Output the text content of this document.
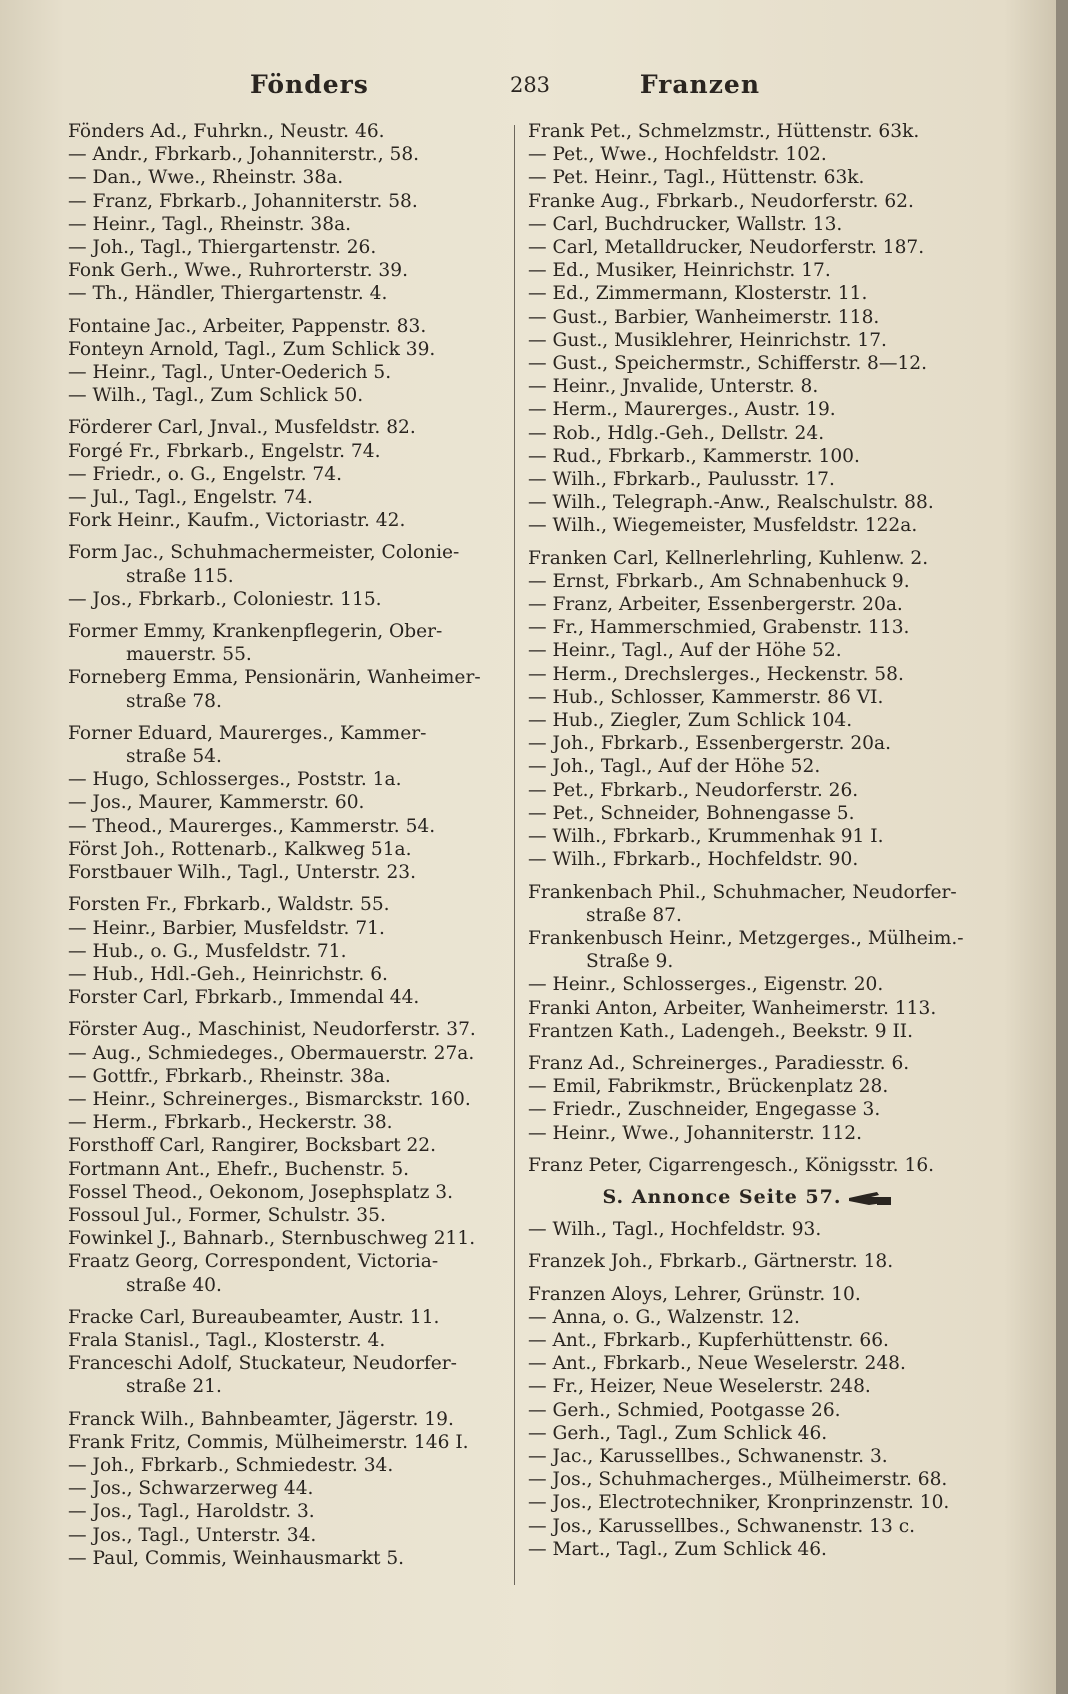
Fönders	283	Franzen
Fönders Ad., Fuhrkn., Neustr. 46.
— Andr., Fbrkarb., Johanniterstr., 58.
— Dan., Wwe., Rheinstr. 38a.
— Franz, Fbrkarb., Johanniterstr. 58.
— Heinr., Tagl., Rheinstr. 38a.
— Joh., Tagl., Thiergartenstr. 26.
Fonk Gerh., Wwe., Ruhrorterstr. 39.
— Th., Händler, Thiergartenstr. 4.
Fontaine Jac., Arbeiter, Pappenstr. 83.
Fonteyn Arnold, Tagl., Zum Schlick 39.
— Heinr., Tagl., Unter-Oederich 5.
— Wilh., Tagl., Zum Schlick 50.
Förderer Carl, Jnval., Musfeldstr. 82.
Forgé Fr., Fbrkarb., Engelstr. 74.
— Friedr., o. G., Engelstr. 74.
— Jul., Tagl., Engelstr. 74.
Fork Heinr., Kaufm., Victoriastr. 42.
Form Jac., Schuhmachermeister, Colonie-
straße 115.
— Jos., Fbrkarb., Coloniestr. 115.
Former Emmy, Krankenpflegerin, Ober-
mauerstr. 55.
Forneberg Emma, Pensionärin, Wanheimer-
straße 78.
Forner Eduard, Maurerges., Kammer-
straße 54.
— Hugo, Schlosserges., Poststr. 1a.
— Jos., Maurer, Kammerstr. 60.
— Theod., Maurerges., Kammerstr. 54.
Först Joh., Rottenarb., Kalkweg 51a.
Forstbauer Wilh., Tagl., Unterstr. 23.
Forsten Fr., Fbrkarb., Waldstr. 55.
— Heinr., Barbier, Musfeldstr. 71.
— Hub., o. G., Musfeldstr. 71.
— Hub., Hdl.-Geh., Heinrichstr. 6.
Forster Carl, Fbrkarb., Immendal 44.
Förster Aug., Maschinist, Neudorferstr. 37.
— Aug., Schmiedeges., Obermauerstr. 27a.
— Gottfr., Fbrkarb., Rheinstr. 38a.
— Heinr., Schreinerges., Bismarckstr. 160.
— Herm., Fbrkarb., Heckerstr. 38.
Forsthoff Carl, Rangirer, Bocksbart 22.
Fortmann Ant., Ehefr., Buchenstr. 5.
Fossel Theod., Oekonom, Josephsplatz 3.
Fossoul Jul., Former, Schulstr. 35.
Fowinkel J., Bahnarb., Sternbuschweg 211.
Fraatz Georg, Correspondent, Victoria-
straße 40.
Fracke Carl, Bureaubeamter, Austr. 11.
Frala Stanisl., Tagl., Klosterstr. 4.
Franceschi Adolf, Stuckateur, Neudorfer-
straße 21.
Franck Wilh., Bahnbeamter, Jägerstr. 19.
Frank Fritz, Commis, Mülheimerstr. 146 I.
— Joh., Fbrkarb., Schmiedestr. 34.
— Jos., Schwarzerweg 44.
— Jos., Tagl., Haroldstr. 3.
— Jos., Tagl., Unterstr. 34.
— Paul, Commis, Weinhausmarkt 5.
Frank Pet., Schmelzmstr., Hüttenstr. 63k.
— Pet., Wwe., Hochfeldstr. 102.
— Pet. Heinr., Tagl., Hüttenstr. 63k.
Franke Aug., Fbrkarb., Neudorferstr. 62.
— Carl, Buchdrucker, Wallstr. 13.
— Carl, Metalldrucker, Neudorferstr. 187.
— Ed., Musiker, Heinrichstr. 17.
— Ed., Zimmermann, Klosterstr. 11.
— Gust., Barbier, Wanheimerstr. 118.
— Gust., Musiklehrer, Heinrichstr. 17.
— Gust., Speichermstr., Schifferstr. 8—12.
— Heinr., Jnvalide, Unterstr. 8.
— Herm., Maurerges., Austr. 19.
— Rob., Hdlg.-Geh., Dellstr. 24.
— Rud., Fbrkarb., Kammerstr. 100.
— Wilh., Fbrkarb., Paulusstr. 17.
— Wilh., Telegraph.-Anw., Realschulstr. 88.
— Wilh., Wiegemeister, Musfeldstr. 122a.
Franken Carl, Kellnerlehrling, Kuhlenw. 2.
— Ernst, Fbrkarb., Am Schnabenhuck 9.
— Franz, Arbeiter, Essenbergerstr. 20a.
— Fr., Hammerschmied, Grabenstr. 113.
— Heinr., Tagl., Auf der Höhe 52.
— Herm., Drechslerges., Heckenstr. 58.
— Hub., Schlosser, Kammerstr. 86 VI.
— Hub., Ziegler, Zum Schlick 104.
— Joh., Fbrkarb., Essenbergerstr. 20a.
— Joh., Tagl., Auf der Höhe 52.
— Pet., Fbrkarb., Neudorferstr. 26.
— Pet., Schneider, Bohnengasse 5.
— Wilh., Fbrkarb., Krummenhak 91 I.
— Wilh., Fbrkarb., Hochfeldstr. 90.
Frankenbach Phil., Schuhmacher, Neudorfer-
straße 87.
Frankenbusch Heinr., Metzgerges., Mülheim.-
Straße 9.
— Heinr., Schlosserges., Eigenstr. 20.
Franki Anton, Arbeiter, Wanheimerstr. 113.
Frantzen Kath., Ladengeh., Beekstr. 9 II.
Franz Ad., Schreinerges., Paradiesstr. 6.
— Emil, Fabrikmstr., Brückenplatz 28.
— Friedr., Zuschneider, Engegasse 3.
— Heinr., Wwe., Johanniterstr. 112.
Franz Peter, Cigarrengesch., Königsstr. 16.
S. Annonce Seite 57.
— Wilh., Tagl., Hochfeldstr. 93.
Franzek Joh., Fbrkarb., Gärtnerstr. 18.
Franzen Aloys, Lehrer, Grünstr. 10.
— Anna, o. G., Walzenstr. 12.
— Ant., Fbrkarb., Kupferhüttenstr. 66.
— Ant., Fbrkarb., Neue Weselerstr. 248.
— Fr., Heizer, Neue Weselerstr. 248.
— Gerh., Schmied, Pootgasse 26.
— Gerh., Tagl., Zum Schlick 46.
— Jac., Karussellbes., Schwanenstr. 3.
— Jos., Schuhmacherges., Mülheimerstr. 68.
— Jos., Electrotechniker, Kronprinzenstr. 10.
— Jos., Karussellbes., Schwanenstr. 13 c.
— Mart., Tagl., Zum Schlick 46.
